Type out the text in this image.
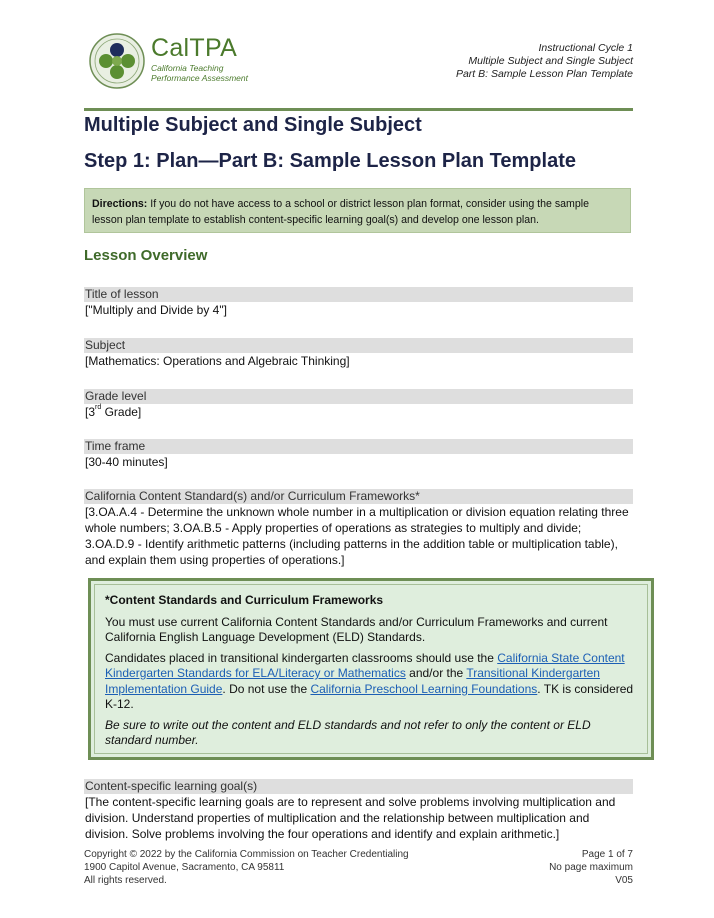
CalTPA
California Teaching
Performance Assessment
Instructional Cycle 1
Multiple Subject and Single Subject
Part B: Sample Lesson Plan Template
Multiple Subject and Single Subject
Step 1: Plan—Part B: Sample Lesson Plan Template
Directions: If you do not have access to a school or district lesson plan format, consider using the sample lesson plan template to establish content-specific learning goal(s) and develop one lesson plan.
Lesson Overview
Title of lesson
["Multiply and Divide by 4"]
Subject
[Mathematics: Operations and Algebraic Thinking]
Grade level
[3rd Grade]
Time frame
[30-40 minutes]
California Content Standard(s) and/or Curriculum Frameworks*
[3.OA.A.4 - Determine the unknown whole number in a multiplication or division equation relating three whole numbers; 3.OA.B.5 - Apply properties of operations as strategies to multiply and divide; 3.OA.D.9 - Identify arithmetic patterns (including patterns in the addition table or multiplication table), and explain them using properties of operations.]
*Content Standards and Curriculum Frameworks

You must use current California Content Standards and/or Curriculum Frameworks and current California English Language Development (ELD) Standards.

Candidates placed in transitional kindergarten classrooms should use the California State Content Kindergarten Standards for ELA/Literacy or Mathematics and/or the Transitional Kindergarten Implementation Guide. Do not use the California Preschool Learning Foundations. TK is considered K-12.

Be sure to write out the content and ELD standards and not refer to only the content or ELD standard number.

Content-specific learning goal(s)
[The content-specific learning goals are to represent and solve problems involving multiplication and division. Understand properties of multiplication and the relationship between multiplication and division. Solve problems involving the four operations and identify and explain arithmetic.]
Copyright © 2022 by the California Commission on Teacher Credentialing
1900 Capitol Avenue, Sacramento, CA 95811
All rights reserved.
Page 1 of 7
No page maximum
V05
